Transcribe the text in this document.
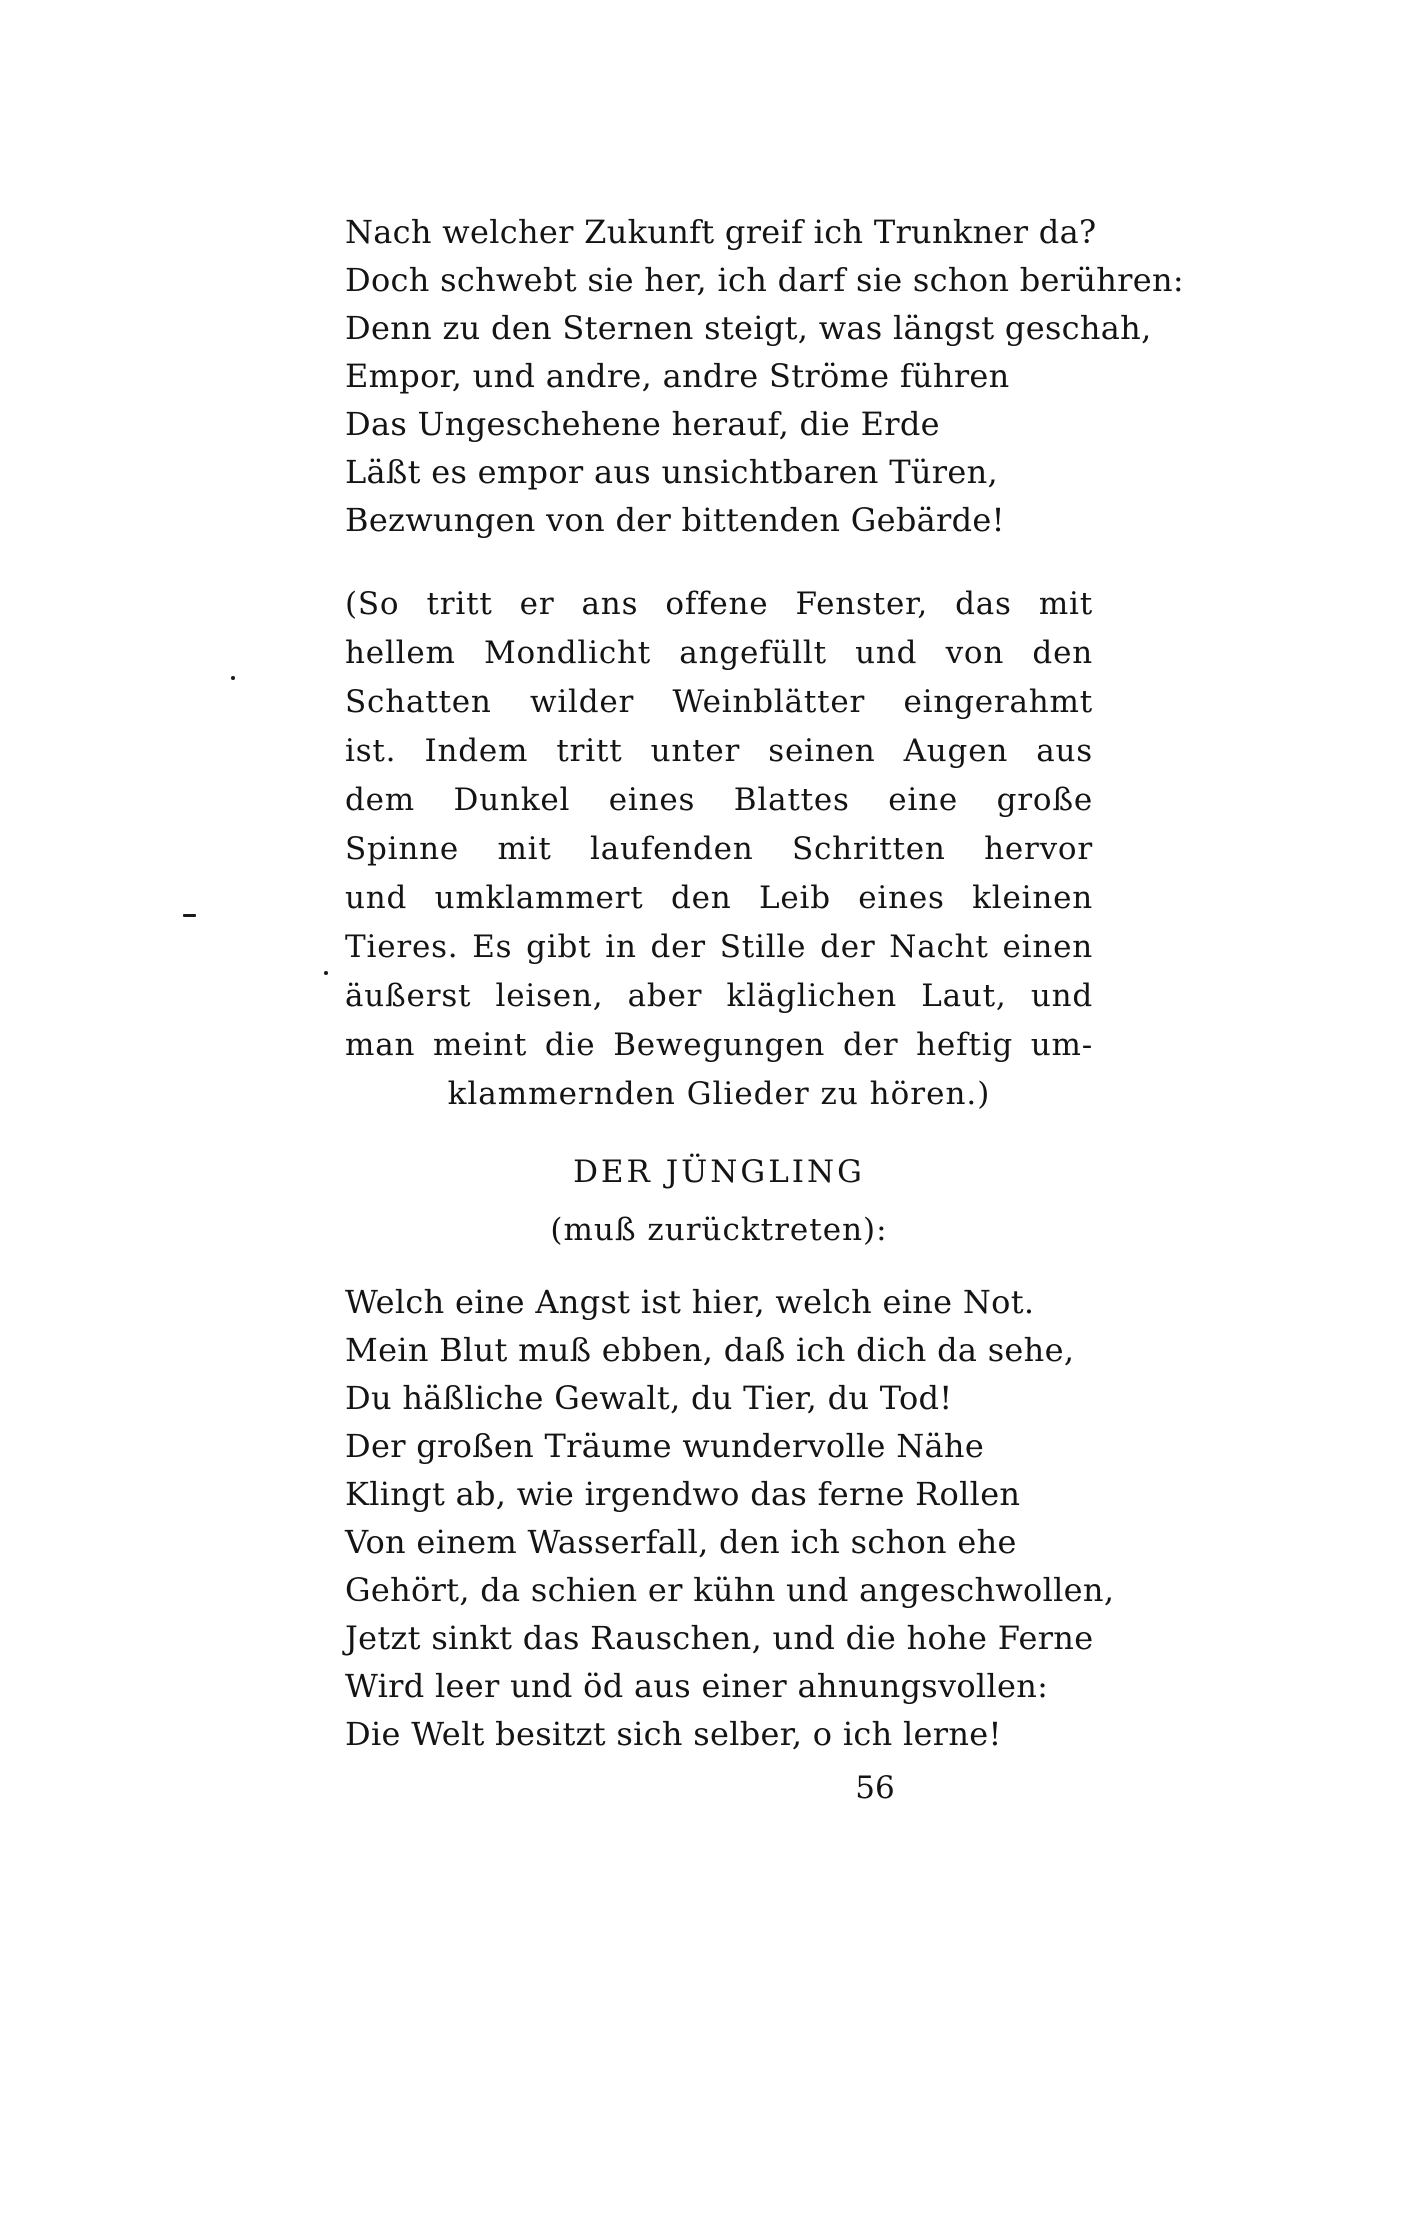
Nach welcher Zukunft greif ich Trunkner da?
Doch schwebt sie her, ich darf sie schon berühren:
Denn zu den Sternen steigt, was längst geschah,
Empor, und andre, andre Ströme führen
Das Ungeschehene herauf, die Erde
Läßt es empor aus unsichtbaren Türen,
Bezwungen von der bittenden Gebärde!
(So tritt er ans offene Fenster, das mit
hellem Mondlicht angefüllt und von den
Schatten wilder Weinblätter eingerahmt
ist. Indem tritt unter seinen Augen aus
dem Dunkel eines Blattes eine große
Spinne mit laufenden Schritten hervor
und umklammert den Leib eines kleinen
Tieres. Es gibt in der Stille der Nacht einen
äußerst leisen, aber kläglichen Laut, und
man meint die Bewegungen der heftig um-
klammernden Glieder zu hören.)
DER JÜNGLING
(muß zurücktreten):
Welch eine Angst ist hier, welch eine Not.
Mein Blut muß ebben, daß ich dich da sehe,
Du häßliche Gewalt, du Tier, du Tod!
Der großen Träume wundervolle Nähe
Klingt ab, wie irgendwo das ferne Rollen
Von einem Wasserfall, den ich schon ehe
Gehört, da schien er kühn und angeschwollen,
Jetzt sinkt das Rauschen, und die hohe Ferne
Wird leer und öd aus einer ahnungsvollen:
Die Welt besitzt sich selber, o ich lerne!
56
